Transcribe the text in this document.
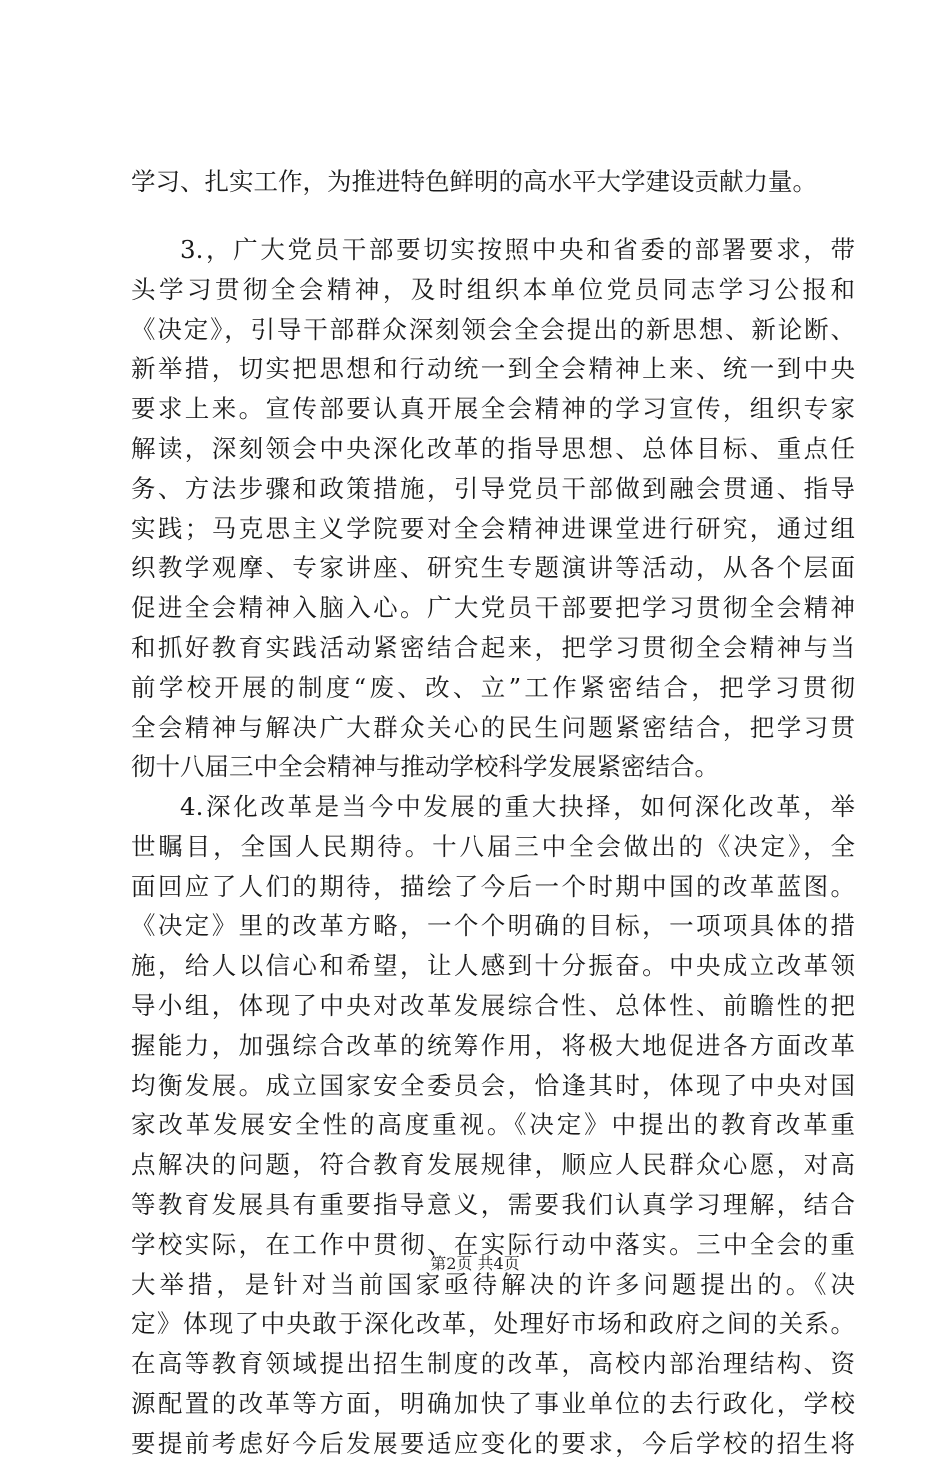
学习、扎实工作，为推进特色鲜明的高水平大学建设贡献力量。
3.，广大党员干部要切实按照中央和省委的部署要求，带
头学习贯彻全会精神，及时组织本单位党员同志学习公报和
《决定》，引导干部群众深刻领会全会提出的新思想、新论断、
新举措，切实把思想和行动统一到全会精神上来、统一到中央
要求上来。宣传部要认真开展全会精神的学习宣传，组织专家
解读，深刻领会中央深化改革的指导思想、总体目标、重点任
务、方法步骤和政策措施，引导党员干部做到融会贯通、指导
实践；马克思主义学院要对全会精神进课堂进行研究，通过组
织教学观摩、专家讲座、研究生专题演讲等活动，从各个层面
促进全会精神入脑入心。广大党员干部要把学习贯彻全会精神
和抓好教育实践活动紧密结合起来，把学习贯彻全会精神与当
前学校开展的制度“废、改、立”工作紧密结合，把学习贯彻
全会精神与解决广大群众关心的民生问题紧密结合，把学习贯
彻十八届三中全会精神与推动学校科学发展紧密结合。
4.深化改革是当今中发展的重大抉择，如何深化改革，举
世瞩目，全国人民期待。十八届三中全会做出的《决定》，全
面回应了人们的期待，描绘了今后一个时期中国的改革蓝图。
《决定》里的改革方略，一个个明确的目标，一项项具体的措
施，给人以信心和希望，让人感到十分振奋。中央成立改革领
导小组，体现了中央对改革发展综合性、总体性、前瞻性的把
握能力，加强综合改革的统筹作用，将极大地促进各方面改革
均衡发展。成立国家安全委员会，恰逢其时，体现了中央对国
家改革发展安全性的高度重视。《决定》中提出的教育改革重
点解决的问题，符合教育发展规律，顺应人民群众心愿，对高
等教育发展具有重要指导意义，需要我们认真学习理解，结合
学校实际，在工作中贯彻、在实际行动中落实。三中全会的重
大举措，是针对当前国家亟待解决的许多问题提出的。《决
定》体现了中央敢于深化改革，处理好市场和政府之间的关系。
在高等教育领域提出招生制度的改革，高校内部治理结构、资
源配置的改革等方面，明确加快了事业单位的去行政化，学校
要提前考虑好今后发展要适应变化的要求，今后学校的招生将
第2页 共4页
